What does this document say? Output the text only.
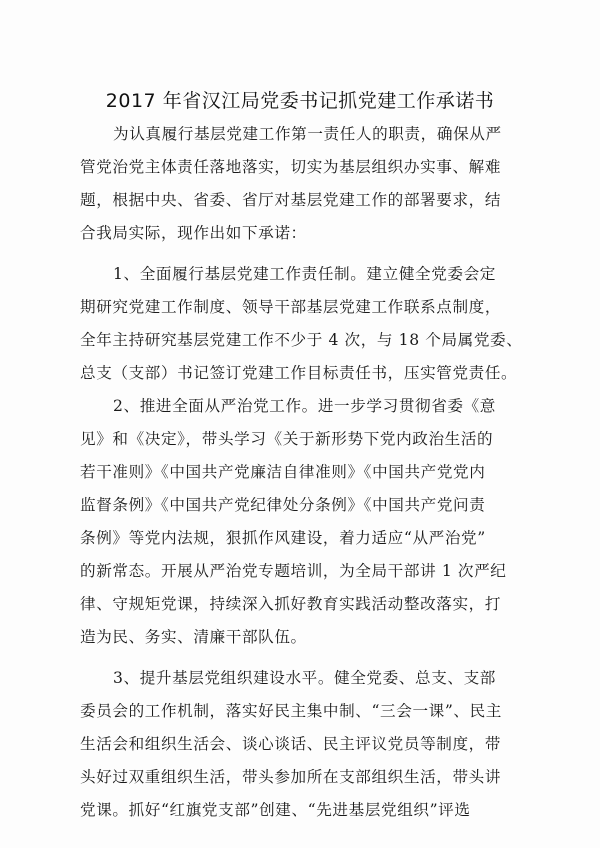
2017 年省汉江局党委书记抓党建工作承诺书
为认真履行基层党建工作第一责任人的职责，确保从严
管党治党主体责任落地落实，切实为基层组织办实事、解难
题，根据中央、省委、省厅对基层党建工作的部署要求，结
合我局实际，现作出如下承诺：
1、全面履行基层党建工作责任制。建立健全党委会定
期研究党建工作制度、领导干部基层党建工作联系点制度，
全年主持研究基层党建工作不少于 4 次，与 18 个局属党委、
总支（支部）书记签订党建工作目标责任书，压实管党责任。
2、推进全面从严治党工作。进一步学习贯彻省委《意
见》和《决定》，带头学习《关于新形势下党内政治生活的
若干准则》《中国共产党廉洁自律准则》《中国共产党党内
监督条例》《中国共产党纪律处分条例》《中国共产党问责
条例》等党内法规，狠抓作风建设，着力适应“从严治党”
的新常态。开展从严治党专题培训，为全局干部讲 1 次严纪
律、守规矩党课，持续深入抓好教育实践活动整改落实，打
造为民、务实、清廉干部队伍。
3、提升基层党组织建设水平。健全党委、总支、支部
委员会的工作机制，落实好民主集中制、“三会一课”、民主
生活会和组织生活会、谈心谈话、民主评议党员等制度，带
头好过双重组织生活，带头参加所在支部组织生活，带头讲
党课。抓好“红旗党支部”创建、“先进基层党组织”评选
